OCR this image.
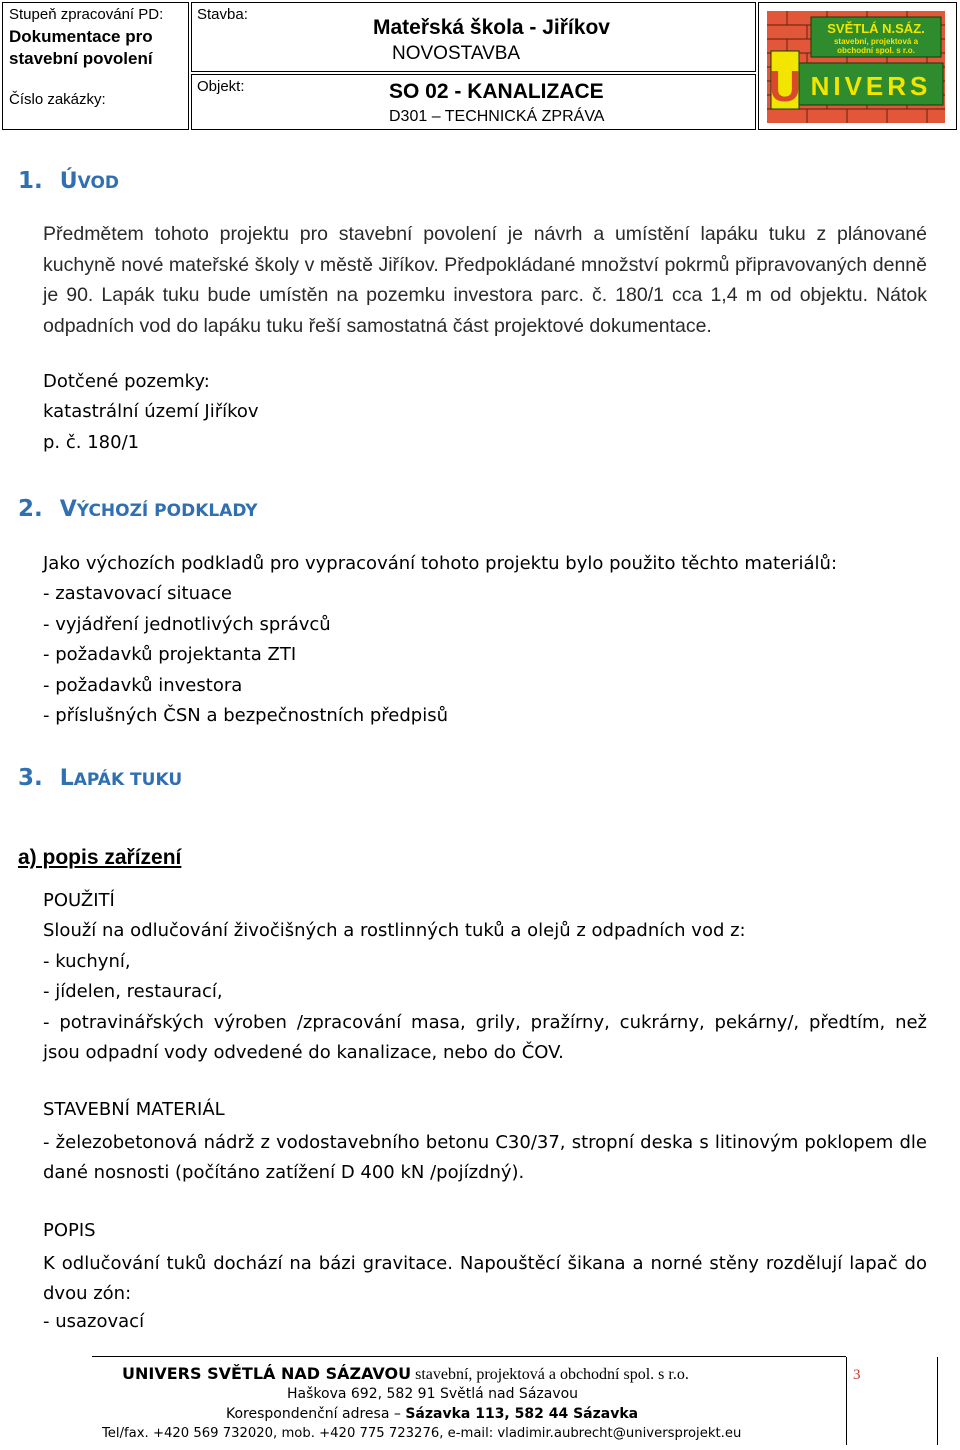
Stupeň zpracování PD:
Dokumentace pro
stavební povolení
Číslo zakázky:
Stavba:
Mateřská škola - Jiříkov
NOVOSTAVBA
Objekt:	SO 02 - KANALIZACE
D301 – TECHNICKÁ ZPRÁVA
SVĚTLÁ N.SÁZ.
stavební, projektová a
obchodní spol. s r.o.
U NIVERS
1. ÚVOD
Předmětem tohoto projektu pro stavební povolení je návrh a umístění lapáku tuku z plánované kuchyně nové mateřské školy v městě Jiříkov. Předpokládané množství pokrmů připravovaných denně je 90. Lapák tuku bude umístěn na pozemku investora parc. č. 180/1 cca 1,4 m od objektu. Nátok odpadních vod do lapáku tuku řeší samostatná část projektové dokumentace.
Dotčené pozemky:
katastrální území Jiříkov
p. č. 180/1
2. VÝCHOZÍ PODKLADY
Jako výchozích podkladů pro vypracování tohoto projektu bylo použito těchto materiálů:
- zastavovací situace
- vyjádření jednotlivých správců
- požadavků projektanta ZTI
- požadavků investora
- příslušných ČSN a bezpečnostních předpisů
3. LAPÁK TUKU
a) popis zařízení
POUŽITÍ
Slouží na odlučování živočišných a rostlinných tuků a olejů z odpadních vod z:
- kuchyní,
- jídelen, restaurací,
- potravinářských výroben /zpracování masa, grily, pražírny, cukrárny, pekárny/, předtím, než jsou odpadní vody odvedené do kanalizace, nebo do ČOV.
STAVEBNÍ MATERIÁL
- železobetonová nádrž z vodostavebního betonu C30/37, stropní deska s litinovým poklopem dle dané nosnosti (počítáno zatížení D 400 kN /pojízdný).
POPIS
K odlučování tuků dochází na bázi gravitace. Napouštěcí šikana a norné stěny rozdělují lapač do dvou zón:
- usazovací
3
UNIVERS SVĚTLÁ NAD SÁZAVOU stavební, projektová a obchodní spol. s r.o.
Haškova 692, 582 91 Světlá nad Sázavou
Korespondenční adresa – Sázavka 113, 582 44 Sázavka
Tel/fax. +420 569 732020, mob. +420 775 723276, e-mail: vladimir.aubrecht@universprojekt.eu
